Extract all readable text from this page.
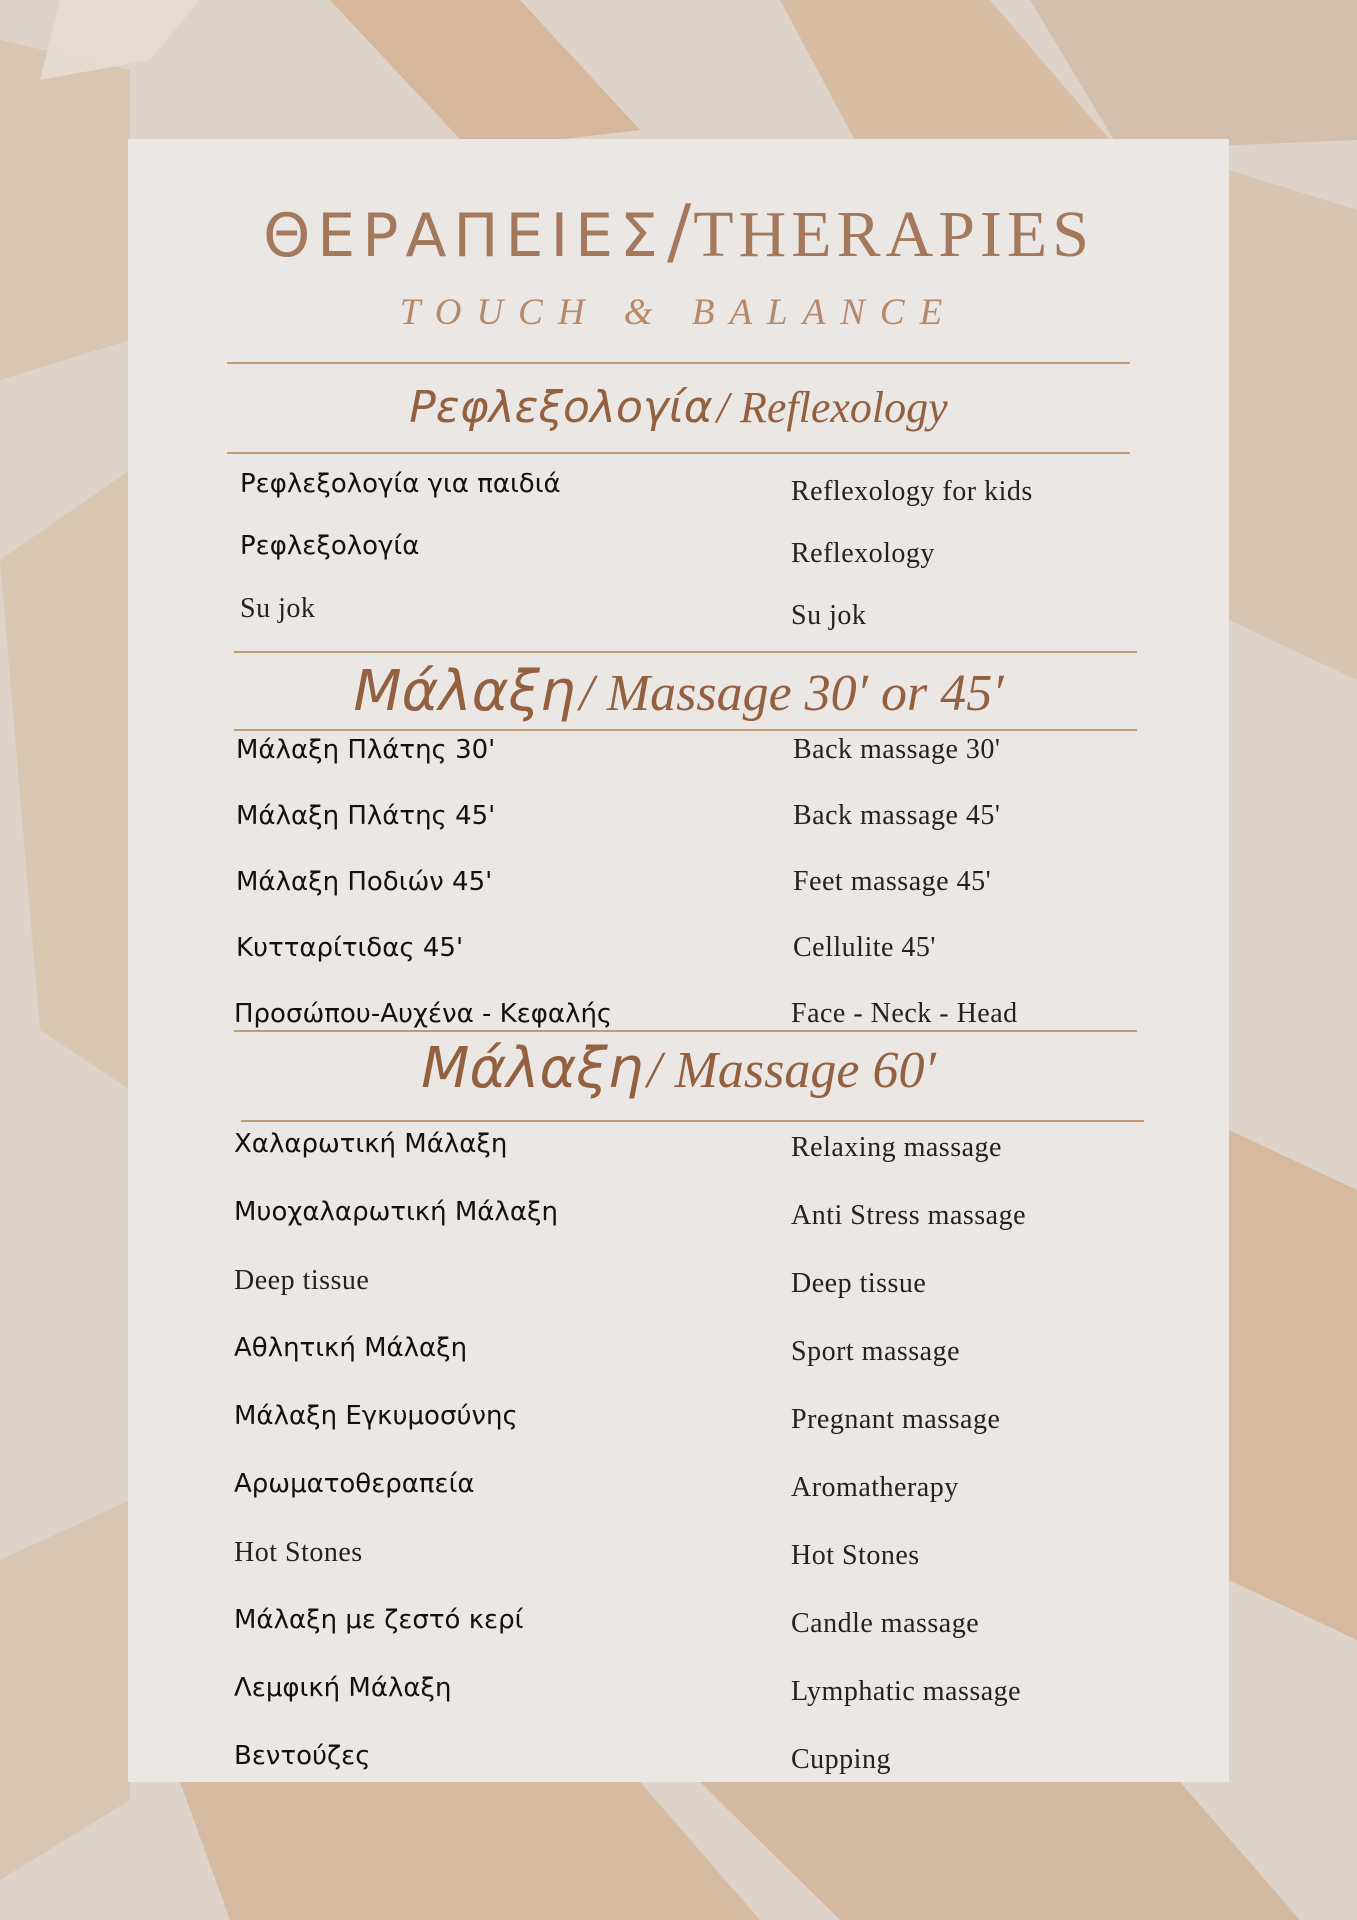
ΘΕΡΑΠΕΙΕΣ/THERAPIES
TOUCH & BALANCE
Ρεφλεξολογία / Reflexology
Ρεφλεξολογία για παιδιά	Reflexology for kids
Ρεφλεξολογία	Reflexology
Su jok	Su jok
Μάλαξη / Massage 30′ or 45′
Μάλαξη Πλάτης 30'	Back massage 30'
Μάλαξη Πλάτης 45'	Back massage 45'
Μάλαξη Ποδιών 45'	Feet massage 45'
Κυτταρίτιδας 45'	Cellulite 45'
Προσώπου-Αυχένα - Κεφαλής	Face - Neck - Head
Μάλαξη / Massage 60′
Χαλαρωτική Μάλαξη	Relaxing massage
Μυοχαλαρωτική Μάλαξη	Anti Stress massage
Deep tissue	Deep tissue
Αθλητική Μάλαξη	Sport massage
Μάλαξη Εγκυμοσύνης	Pregnant massage
Αρωματοθεραπεία	Aromatherapy
Hot Stones	Hot Stones
Μάλαξη με ζεστό κερί	Candle massage
Λεμφική Μάλαξη	Lymphatic massage
Βεντούζες	Cupping
